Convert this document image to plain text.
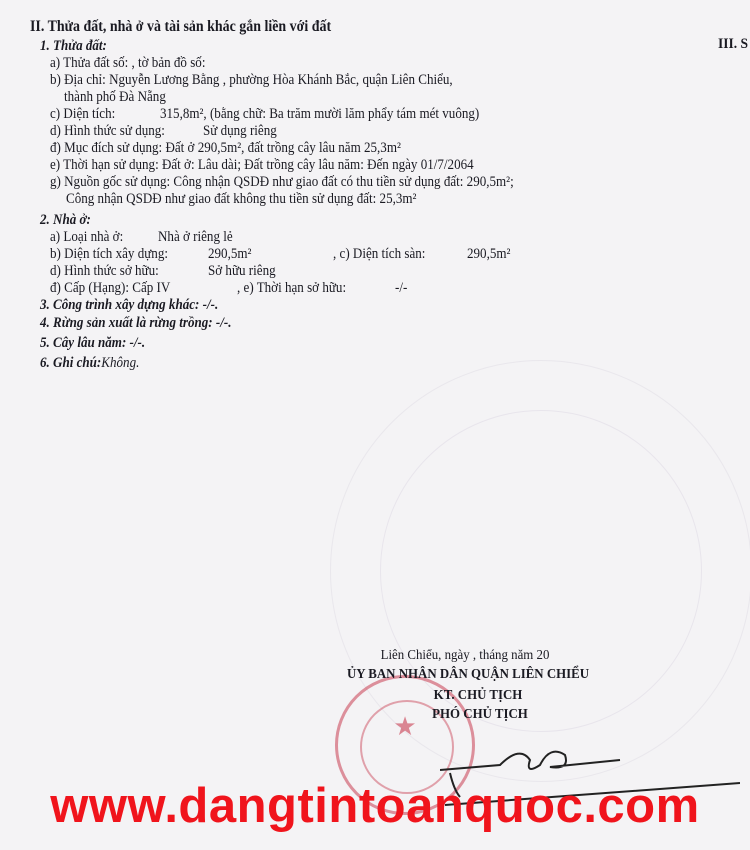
II. Thửa đất, nhà ở và tài sản khác gắn liền với đất
III. S
1. Thửa đất:
a) Thửa đất số: , tờ bản đồ số:
b) Địa chỉ: Nguyễn Lương Bằng , phường Hòa Khánh Bắc, quận Liên Chiểu,
thành phố Đà Nẵng
c) Diện tích:	315,8m², (bằng chữ: Ba trăm mười lăm phẩy tám mét vuông)
d) Hình thức sử dụng:	Sử dụng riêng
đ) Mục đích sử dụng: Đất ở 290,5m², đất trồng cây lâu năm 25,3m²
e) Thời hạn sử dụng: Đất ở: Lâu dài; Đất trồng cây lâu năm: Đến ngày 01/7/2064
g) Nguồn gốc sử dụng: Công nhận QSDĐ như giao đất có thu tiền sử dụng đất: 290,5m²;
Công nhận QSDĐ như giao đất không thu tiền sử dụng đất: 25,3m²
2. Nhà ở:
a) Loại nhà ở: Nhà ở riêng lẻ
b) Diện tích xây dựng:	290,5m²	, c) Diện tích sàn:	290,5m²
d) Hình thức sở hữu:	Sở hữu riêng
đ) Cấp (Hạng): Cấp IV	, e) Thời hạn sở hữu:	-/-
3. Công trình xây dựng khác: -/-.
4. Rừng sản xuất là rừng trồng: -/-.
5. Cây lâu năm: -/-.
6. Ghi chú:Không.
★
Liên Chiểu, ngày , tháng năm 20
ỦY BAN NHÂN DÂN QUẬN LIÊN CHIỂU
KT. CHỦ TỊCH
PHÓ CHỦ TỊCH
www.dangtintoanquoc.com
